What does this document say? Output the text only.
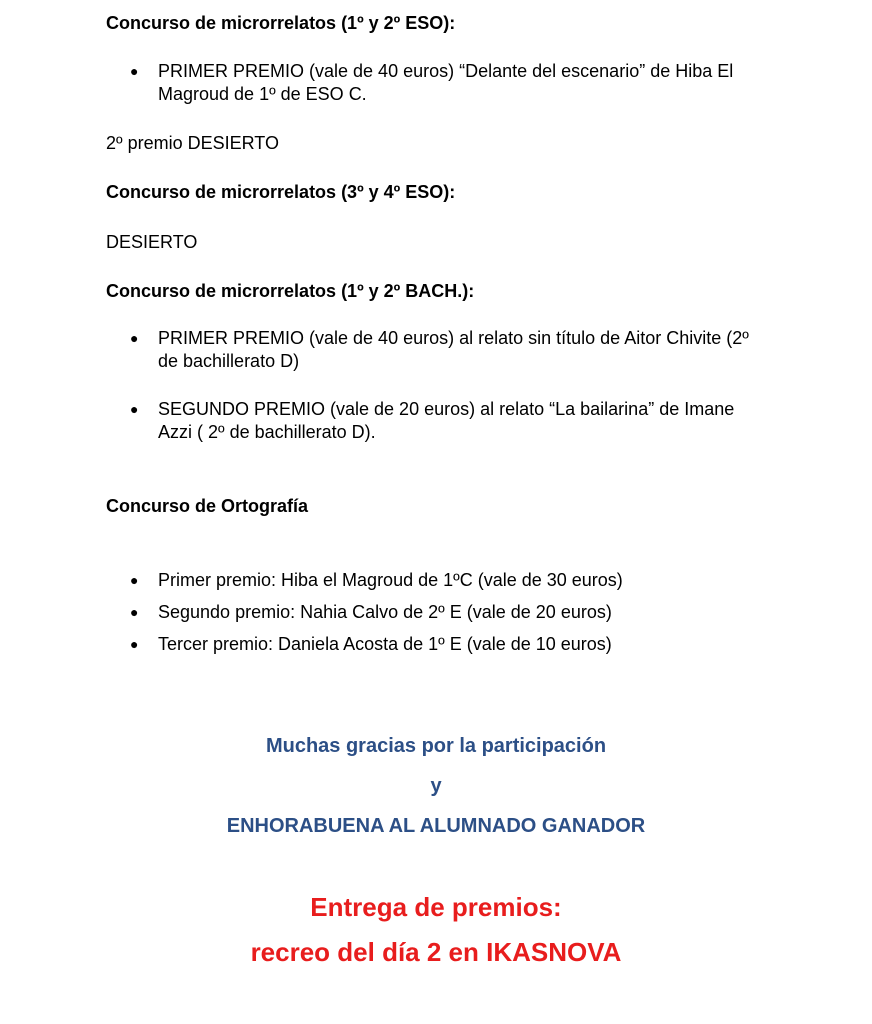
Concurso de microrrelatos (1º y 2º ESO):
● PRIMER PREMIO (vale de 40 euros) “Delante del escenario” de Hiba El Magroud de 1º de ESO C.
2º premio DESIERTO
Concurso de microrrelatos (3º y 4º ESO):
DESIERTO
Concurso de microrrelatos (1º y 2º BACH.):
● PRIMER PREMIO (vale de 40 euros) al relato sin título de Aitor Chivite (2º de bachillerato D)
● SEGUNDO PREMIO (vale de 20 euros) al relato “La bailarina” de Imane Azzi ( 2º de bachillerato D).
Concurso de Ortografía
● Primer premio: Hiba el Magroud de 1ºC (vale de 30 euros)
● Segundo premio: Nahia Calvo de 2º E (vale de 20 euros)
● Tercer premio: Daniela Acosta de 1º E (vale de 10 euros)
Muchas gracias por la participación
y
ENHORABUENA AL ALUMNADO GANADOR
Entrega de premios:
recreo del día 2 en IKASNOVA
